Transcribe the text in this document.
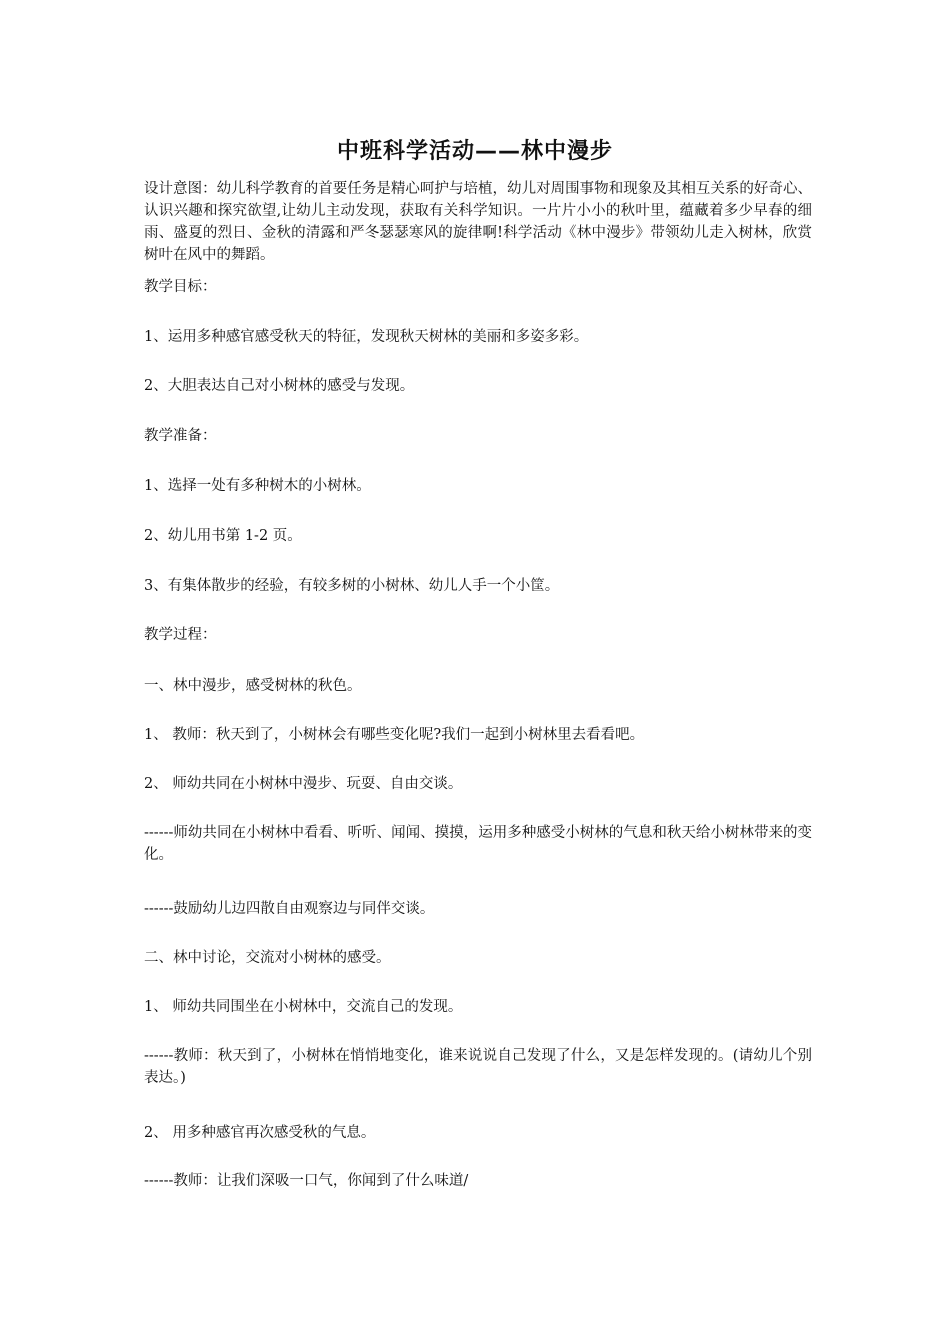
中班科学活动——林中漫步
设计意图：幼儿科学教育的首要任务是精心呵护与培植，幼儿对周围事物和现象及其相互关系的好奇心、认识兴趣和探究欲望,让幼儿主动发现，获取有关科学知识。一片片小小的秋叶里，蕴藏着多少早春的细雨、盛夏的烈日、金秋的清露和严冬瑟瑟寒风的旋律啊!科学活动《林中漫步》带领幼儿走入树林，欣赏树叶在风中的舞蹈。
教学目标：
1、运用多种感官感受秋天的特征，发现秋天树林的美丽和多姿多彩。
2、大胆表达自己对小树林的感受与发现。
教学准备：
1、选择一处有多种树木的小树林。
2、幼儿用书第 1-2 页。
3、有集体散步的经验，有较多树的小树林、幼儿人手一个小筐。
教学过程：
一、林中漫步，感受树林的秋色。
1、 教师：秋天到了，小树林会有哪些变化呢?我们一起到小树林里去看看吧。
2、 师幼共同在小树林中漫步、玩耍、自由交谈。
------师幼共同在小树林中看看、听听、闻闻、摸摸，运用多种感受小树林的气息和秋天给小树林带来的变化。
------鼓励幼儿边四散自由观察边与同伴交谈。
二、林中讨论，交流对小树林的感受。
1、 师幼共同围坐在小树林中，交流自己的发现。
------教师：秋天到了，小树林在悄悄地变化，谁来说说自己发现了什么，又是怎样发现的。(请幼儿个别表达。)
2、 用多种感官再次感受秋的气息。
------教师：让我们深吸一口气，你闻到了什么味道/
